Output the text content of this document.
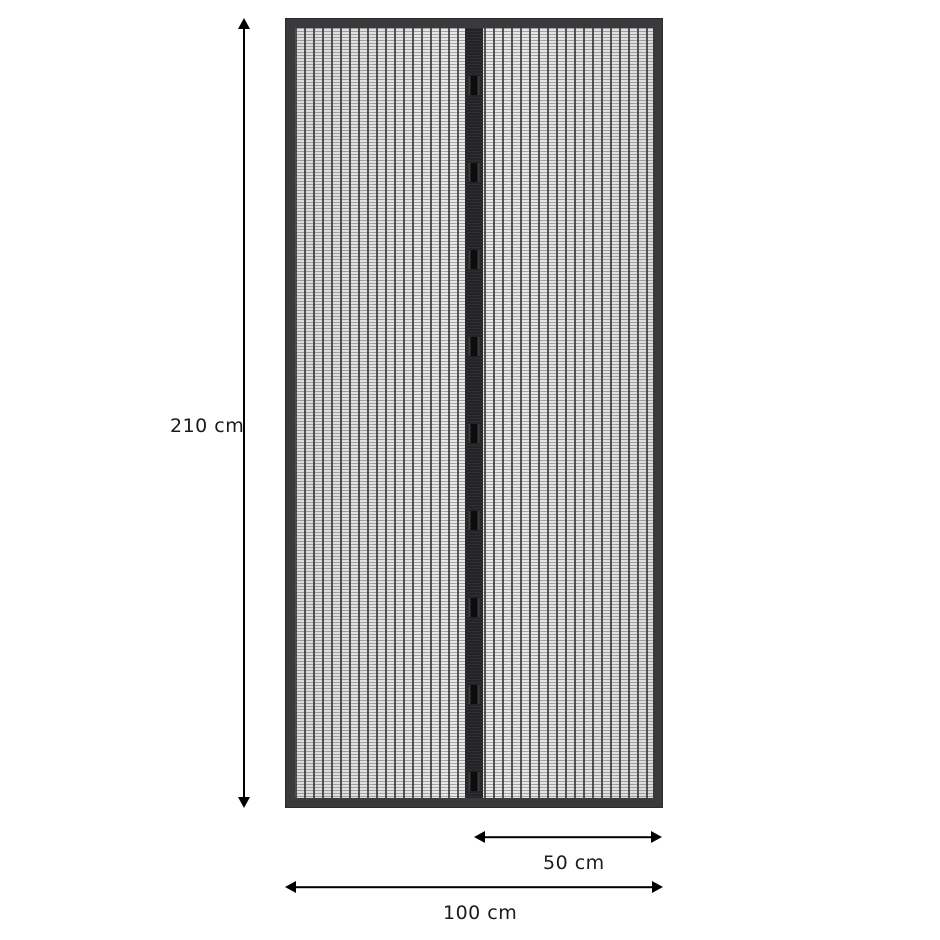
210 cm
50 cm
100 cm
